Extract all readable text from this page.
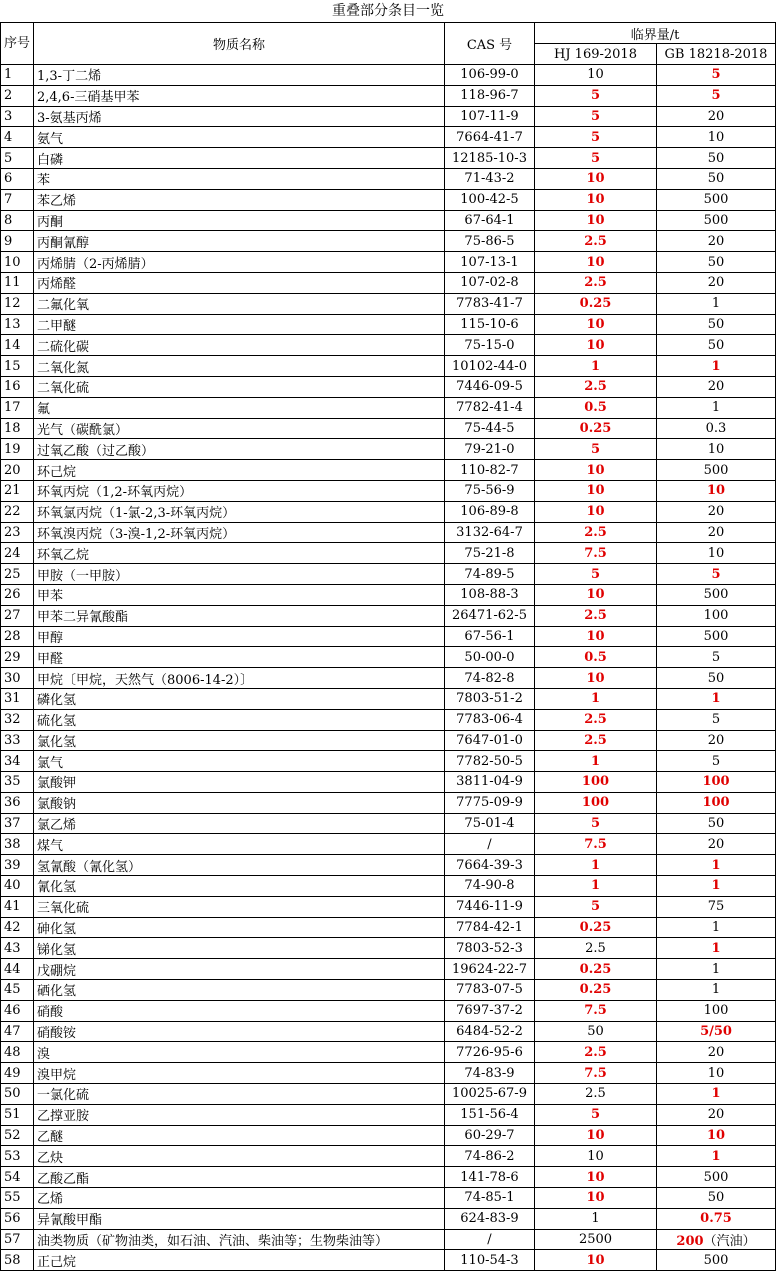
重叠部分条目一览
序号	物质名称	CAS 号	临界量/t	
			HJ 169-2018	GB 18218-2018
1	1,3-丁二烯	106-99-0	10	5
2	2,4,6-三硝基甲苯	118-96-7	5	5
3	3-氨基丙烯	107-11-9	5	20
4	氨气	7664-41-7	5	10
5	白磷	12185-10-3	5	50
6	苯	71-43-2	10	50
7	苯乙烯	100-42-5	10	500
8	丙酮	67-64-1	10	500
9	丙酮氰醇	75-86-5	2.5	20
10	丙烯腈（2-丙烯腈）	107-13-1	10	50
11	丙烯醛	107-02-8	2.5	20
12	二氟化氧	7783-41-7	0.25	1
13	二甲醚	115-10-6	10	50
14	二硫化碳	75-15-0	10	50
15	二氧化氮	10102-44-0	1	1
16	二氧化硫	7446-09-5	2.5	20
17	氟	7782-41-4	0.5	1
18	光气（碳酰氯）	75-44-5	0.25	0.3
19	过氧乙酸（过乙酸）	79-21-0	5	10
20	环己烷	110-82-7	10	500
21	环氧丙烷（1,2-环氧丙烷）	75-56-9	10	10
22	环氧氯丙烷（1-氯-2,3-环氧丙烷）	106-89-8	10	20
23	环氧溴丙烷（3-溴-1,2-环氧丙烷）	3132-64-7	2.5	20
24	环氧乙烷	75-21-8	7.5	10
25	甲胺（一甲胺）	74-89-5	5	5
26	甲苯	108-88-3	10	500
27	甲苯二异氰酸酯	26471-62-5	2.5	100
28	甲醇	67-56-1	10	500
29	甲醛	50-00-0	0.5	5
30	甲烷〔甲烷，天然气（8006-14-2）〕	74-82-8	10	50
31	磷化氢	7803-51-2	1	1
32	硫化氢	7783-06-4	2.5	5
33	氯化氢	7647-01-0	2.5	20
34	氯气	7782-50-5	1	5
35	氯酸钾	3811-04-9	100	100
36	氯酸钠	7775-09-9	100	100
37	氯乙烯	75-01-4	5	50
38	煤气	/	7.5	20
39	氢氰酸（氰化氢）	7664-39-3	1	1
40	氰化氢	74-90-8	1	1
41	三氧化硫	7446-11-9	5	75
42	砷化氢	7784-42-1	0.25	1
43	锑化氢	7803-52-3	2.5	1
44	戊硼烷	19624-22-7	0.25	1
45	硒化氢	7783-07-5	0.25	1
46	硝酸	7697-37-2	7.5	100
47	硝酸铵	6484-52-2	50	5/50
48	溴	7726-95-6	2.5	20
49	溴甲烷	74-83-9	7.5	10
50	一氯化硫	10025-67-9	2.5	1
51	乙撑亚胺	151-56-4	5	20
52	乙醚	60-29-7	10	10
53	乙炔	74-86-2	10	1
54	乙酸乙酯	141-78-6	10	500
55	乙烯	74-85-1	10	50
56	异氰酸甲酯	624-83-9	1	0.75
57	油类物质（矿物油类，如石油、汽油、柴油等；生物柴油等）	/	2500	200（汽油）
58	正己烷	110-54-3	10	500
